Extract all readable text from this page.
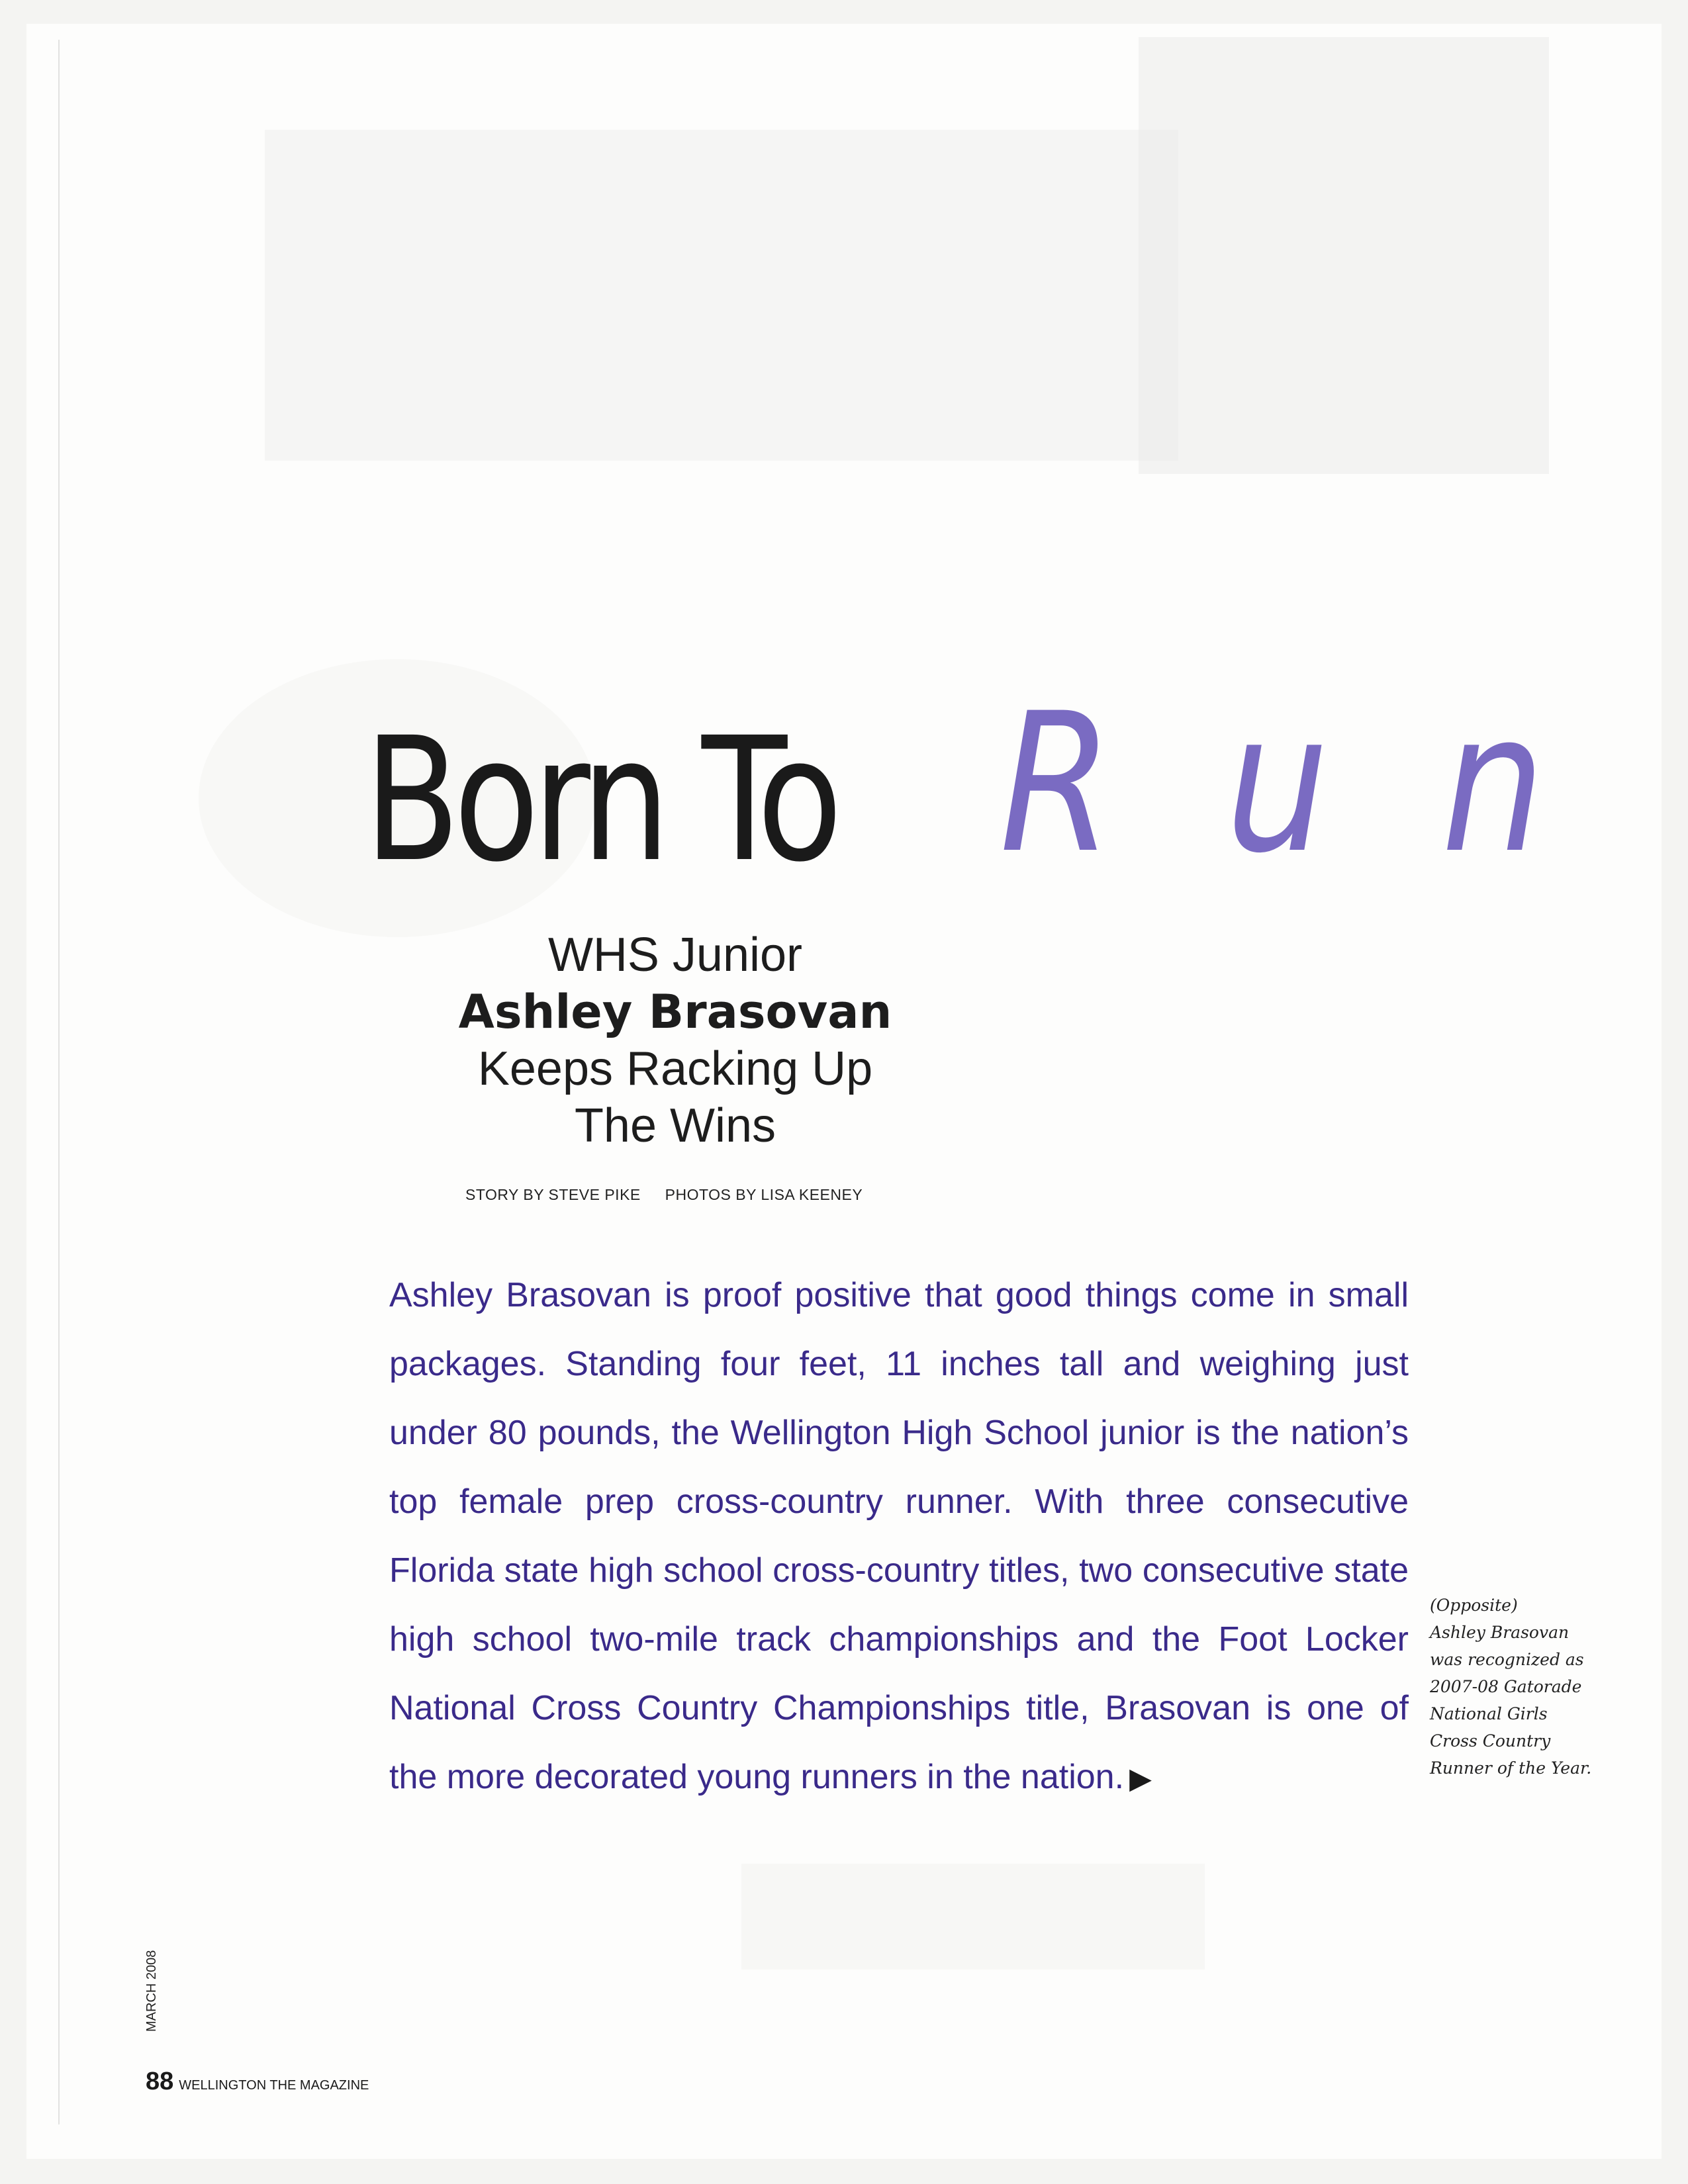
Born To Run
WHS Junior
Ashley Brasovan
Keeps Racking Up
The Wins
STORY BY STEVE PIKE PHOTOS BY LISA KEENEY
Ashley Brasovan is proof positive that good things come in small packages. Standing four feet, 11 inches tall and weighing just under 80 pounds, the Wellington High School junior is the nation’s top female prep cross-country runner. With three consecutive Florida state high school cross-country titles, two consecutive state high school two-mile track championships and the Foot Locker National Cross Country Championships title, Brasovan is one of the more decorated young runners in the nation. ▶
(Opposite)
Ashley Brasovan
was recognized as
2007-08 Gatorade
National Girls
Cross Country
Runner of the Year.
MARCH 2008
88 WELLINGTON THE MAGAZINE
